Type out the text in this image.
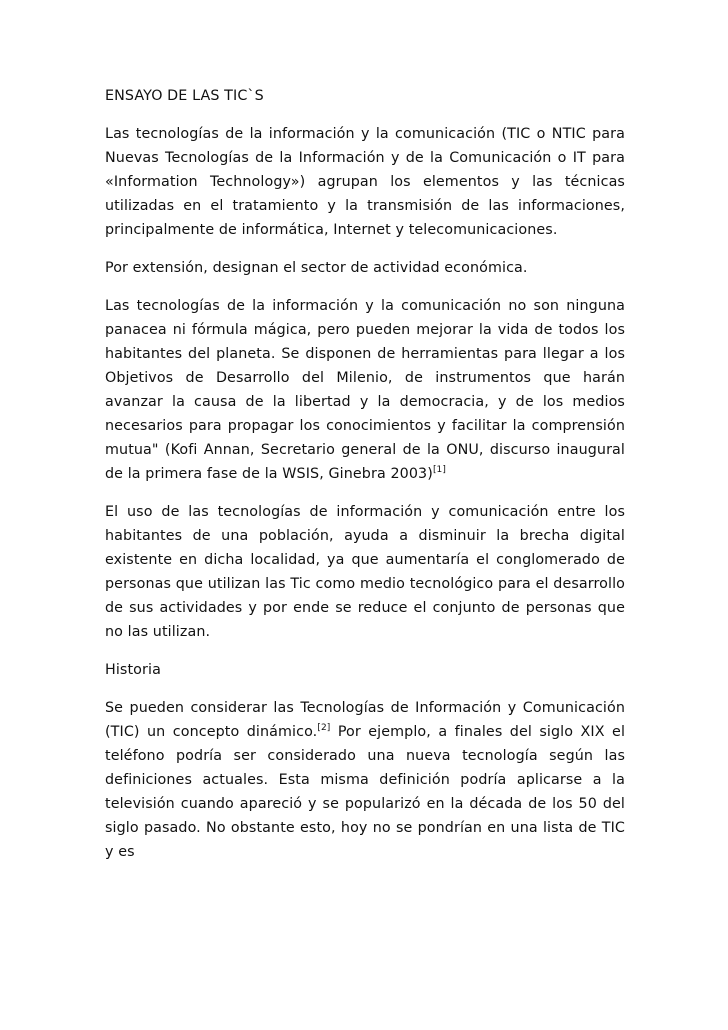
ENSAYO DE LAS TIC`S

Las tecnologías de la información y la comunicación (TIC o NTIC para Nuevas Tecnologías de la Información y de la Comunicación o IT para «Information Technology») agrupan los elementos y las técnicas utilizadas en el tratamiento y la transmisión de las informaciones, principalmente de informática, Internet y telecomunicaciones.

Por extensión, designan el sector de actividad económica.

Las tecnologías de la información y la comunicación no son ninguna panacea ni fórmula mágica, pero pueden mejorar la vida de todos los habitantes del planeta. Se disponen de herramientas para llegar a los Objetivos de Desarrollo del Milenio, de instrumentos que harán avanzar la causa de la libertad y la democracia, y de los medios necesarios para propagar los conocimientos y facilitar la comprensión mutua" (Kofi Annan, Secretario general de la ONU, discurso inaugural de la primera fase de la WSIS, Ginebra 2003)[1]

El uso de las tecnologías de información y comunicación entre los habitantes de una población, ayuda a disminuir la brecha digital existente en dicha localidad, ya que aumentaría el conglomerado de personas que utilizan las Tic como medio tecnológico para el desarrollo de sus actividades y por ende se reduce el conjunto de personas que no las utilizan.

Historia

Se pueden considerar las Tecnologías de Información y Comunicación (TIC) un concepto dinámico.[2] Por ejemplo, a finales del siglo XIX el teléfono podría ser considerado una nueva tecnología según las definiciones actuales. Esta misma definición podría aplicarse a la televisión cuando apareció y se popularizó en la década de los 50 del siglo pasado. No obstante esto, hoy no se pondrían en una lista de TIC y es
